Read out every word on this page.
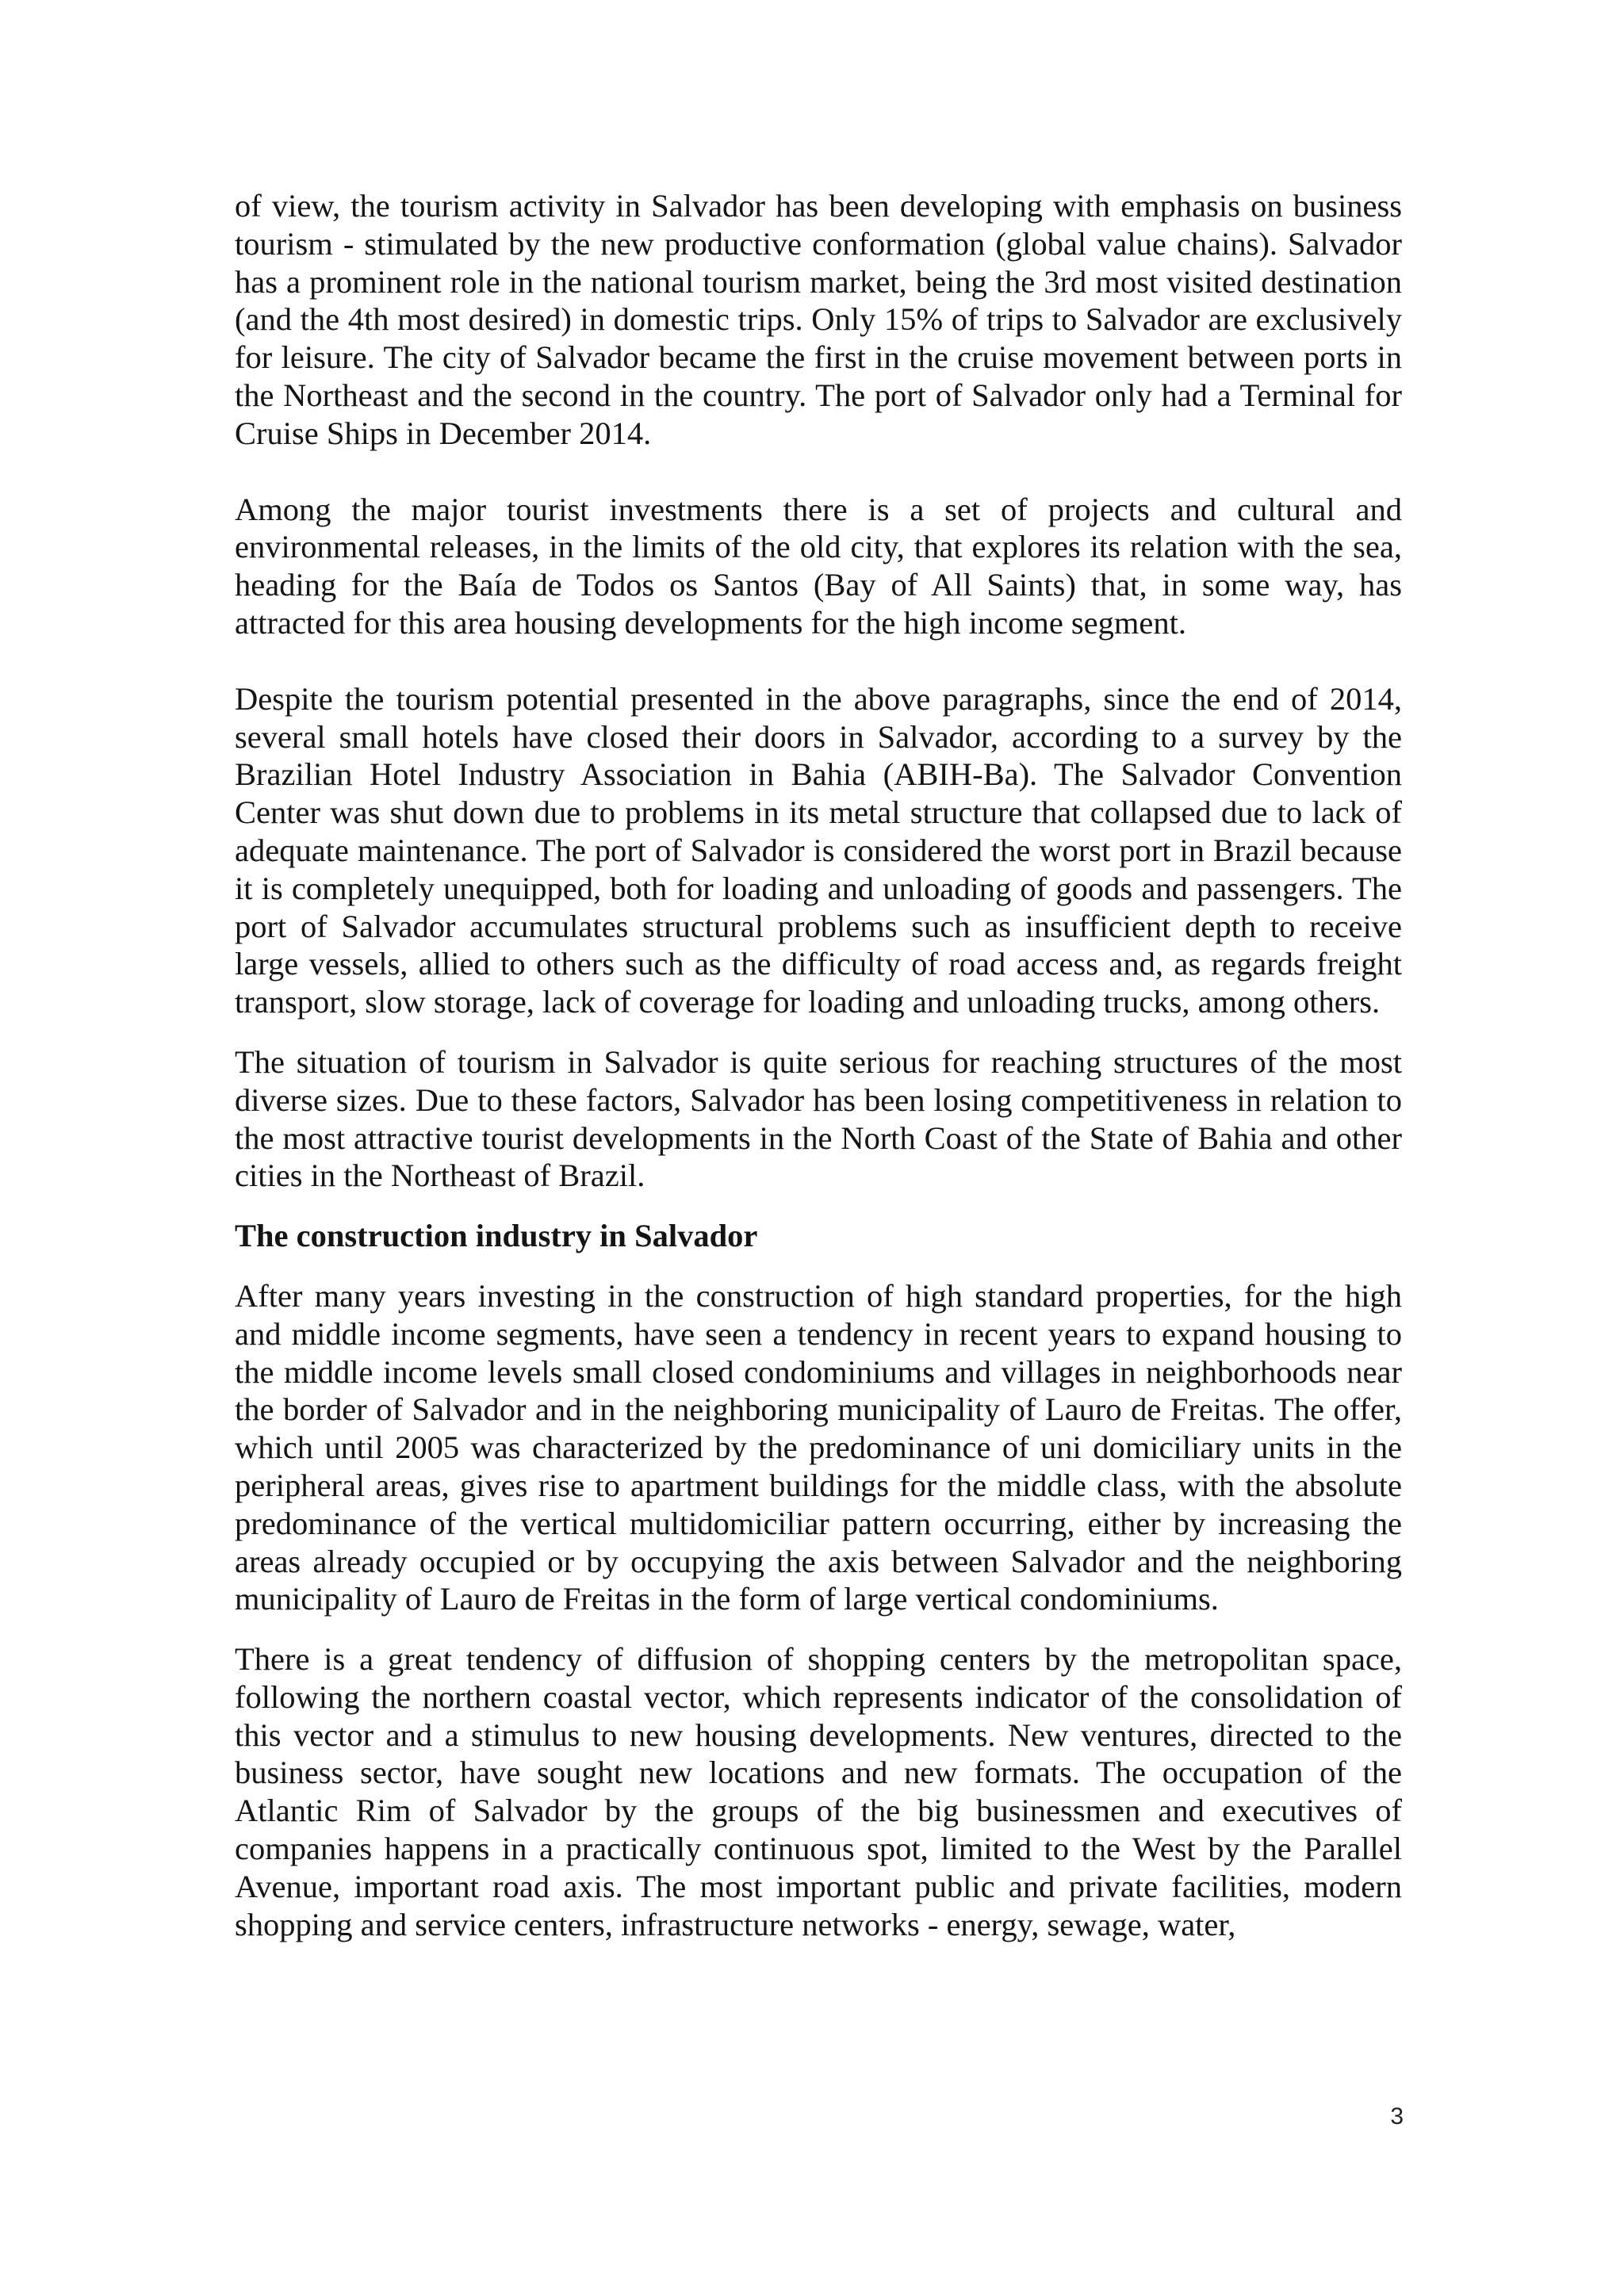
of view, the tourism activity in Salvador has been developing with emphasis on business tourism - stimulated by the new productive conformation (global value chains). Salvador has a prominent role in the national tourism market, being the 3rd most visited destination (and the 4th most desired) in domestic trips. Only 15% of trips to Salvador are exclusively for leisure. The city of Salvador became the first in the cruise movement between ports in the Northeast and the second in the country. The port of Salvador only had a Terminal for Cruise Ships in December 2014.

Among the major tourist investments there is a set of projects and cultural and environmental releases, in the limits of the old city, that explores its relation with the sea, heading for the Baía de Todos os Santos (Bay of All Saints) that, in some way, has attracted for this area housing developments for the high income segment.

Despite the tourism potential presented in the above paragraphs, since the end of 2014, several small hotels have closed their doors in Salvador, according to a survey by the Brazilian Hotel Industry Association in Bahia (ABIH-Ba). The Salvador Convention Center was shut down due to problems in its metal structure that collapsed due to lack of adequate maintenance. The port of Salvador is considered the worst port in Brazil because it is completely unequipped, both for loading and unloading of goods and passengers. The port of Salvador accumulates structural problems such as insufficient depth to receive large vessels, allied to others such as the difficulty of road access and, as regards freight transport, slow storage, lack of coverage for loading and unloading trucks, among others.

The situation of tourism in Salvador is quite serious for reaching structures of the most diverse sizes. Due to these factors, Salvador has been losing competitiveness in relation to the most attractive tourist developments in the North Coast of the State of Bahia and other cities in the Northeast of Brazil.

The construction industry in Salvador

After many years investing in the construction of high standard properties, for the high and middle income segments, have seen a tendency in recent years to expand housing to the middle income levels small closed condominiums and villages in neighborhoods near the border of Salvador and in the neighboring municipality of Lauro de Freitas. The offer, which until 2005 was characterized by the predominance of uni domiciliary units in the peripheral areas, gives rise to apartment buildings for the middle class, with the absolute predominance of the vertical multidomiciliar pattern occurring, either by increasing the areas already occupied or by occupying the axis between Salvador and the neighboring municipality of Lauro de Freitas in the form of large vertical condominiums.

There is a great tendency of diffusion of shopping centers by the metropolitan space, following the northern coastal vector, which represents indicator of the consolidation of this vector and a stimulus to new housing developments. New ventures, directed to the business sector, have sought new locations and new formats. The occupation of the Atlantic Rim of Salvador by the groups of the big businessmen and executives of companies happens in a practically continuous spot, limited to the West by the Parallel Avenue, important road axis. The most important public and private facilities, modern shopping and service centers, infrastructure networks - energy, sewage, water,

3
